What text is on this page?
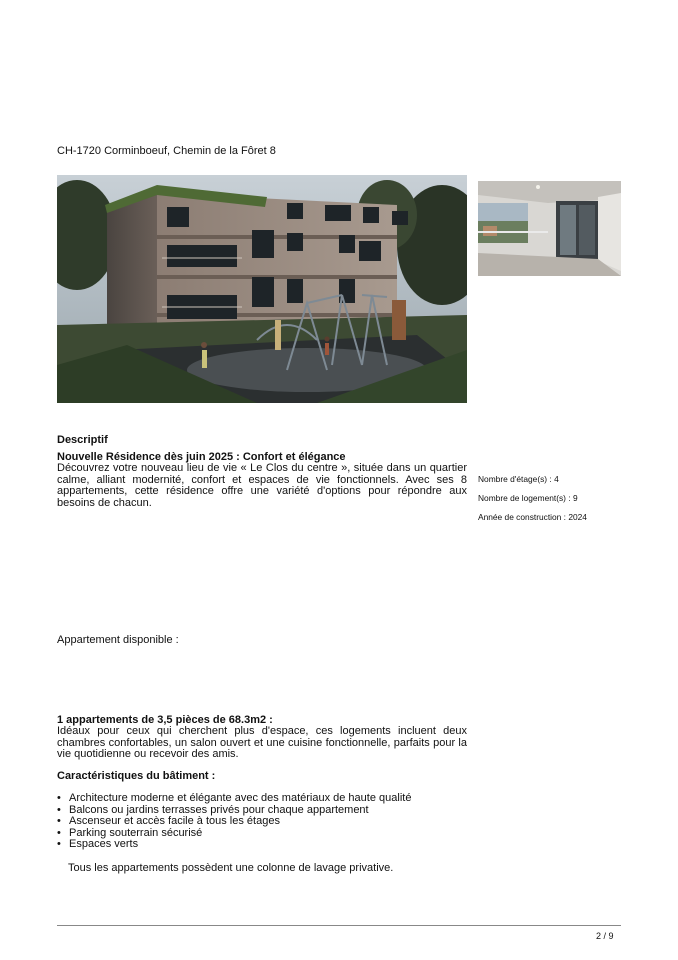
CH-1720 Corminboeuf, Chemin de la Fôret 8
Descriptif
Nouvelle Résidence dès juin 2025 : Confort et élégance
Découvrez votre nouveau lieu de vie « Le Clos du centre », située dans un quartier calme, alliant modernité, confort et espaces de vie fonctionnels. Avec ses 8 appartements, cette résidence offre une variété d'options pour répondre aux besoins de chacun.
Nombre d'étage(s) : 4
Nombre de logement(s) : 9
Année de construction : 2024
Appartement disponible :
1 appartements de 3,5 pièces de 68.3m2 :
Idéaux pour ceux qui cherchent plus d'espace, ces logements incluent deux chambres confortables, un salon ouvert et une cuisine fonctionnelle, parfaits pour la vie quotidienne ou recevoir des amis.
Caractéristiques du bâtiment :
• Architecture moderne et élégante avec des matériaux de haute qualité
• Balcons ou jardins terrasses privés pour chaque appartement
• Ascenseur et accès facile à tous les étages
• Parking souterrain sécurisé
• Espaces verts
Tous les appartements possèdent une colonne de lavage privative.
2 / 9
